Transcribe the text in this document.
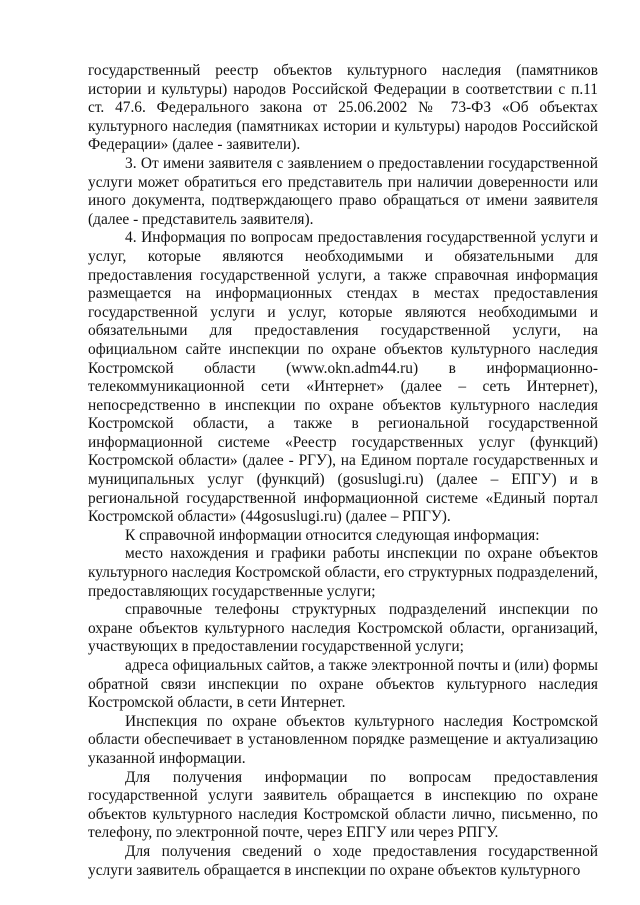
государственный реестр объектов культурного наследия (памятников истории и культуры) народов Российской Федерации в соответствии с п.11 ст. 47.6. Федерального закона от 25.06.2002 № 73-ФЗ «Об объектах культурного наследия (памятниках истории и культуры) народов Российской Федерации» (далее - заявители).

3. От имени заявителя с заявлением о предоставлении государственной услуги может обратиться его представитель при наличии доверенности или иного документа, подтверждающего право обращаться от имени заявителя (далее - представитель заявителя).

4. Информация по вопросам предоставления государственной услуги и услуг, которые являются необходимыми и обязательными для предоставления государственной услуги, а также справочная информация размещается на информационных стендах в местах предоставления государственной услуги и услуг, которые являются необходимыми и обязательными для предоставления государственной услуги, на официальном сайте инспекции по охране объектов культурного наследия Костромской области (www.okn.adm44.ru) в информационно-телекоммуникационной сети «Интернет» (далее – сеть Интернет), непосредственно в инспекции по охране объектов культурного наследия Костромской области, а также в региональной государственной информационной системе «Реестр государственных услуг (функций) Костромской области» (далее - РГУ), на Едином портале государственных и муниципальных услуг (функций) (gosuslugi.ru) (далее – ЕПГУ) и в региональной государственной информационной системе «Единый портал Костромской области» (44gosuslugi.ru) (далее – РПГУ).

К справочной информации относится следующая информация:

место нахождения и графики работы инспекции по охране объектов культурного наследия Костромской области, его структурных подразделений, предоставляющих государственные услуги;

справочные телефоны структурных подразделений инспекции по охране объектов культурного наследия Костромской области, организаций, участвующих в предоставлении государственной услуги;

адреса официальных сайтов, а также электронной почты и (или) формы обратной связи инспекции по охране объектов культурного наследия Костромской области, в сети Интернет.

Инспекция по охране объектов культурного наследия Костромской области обеспечивает в установленном порядке размещение и актуализацию указанной информации.

Для получения информации по вопросам предоставления государственной услуги заявитель обращается в инспекцию по охране объектов культурного наследия Костромской области лично, письменно, по телефону, по электронной почте, через ЕПГУ или через РПГУ.

Для получения сведений о ходе предоставления государственной услуги заявитель обращается в инспекции по охране объектов культурного
